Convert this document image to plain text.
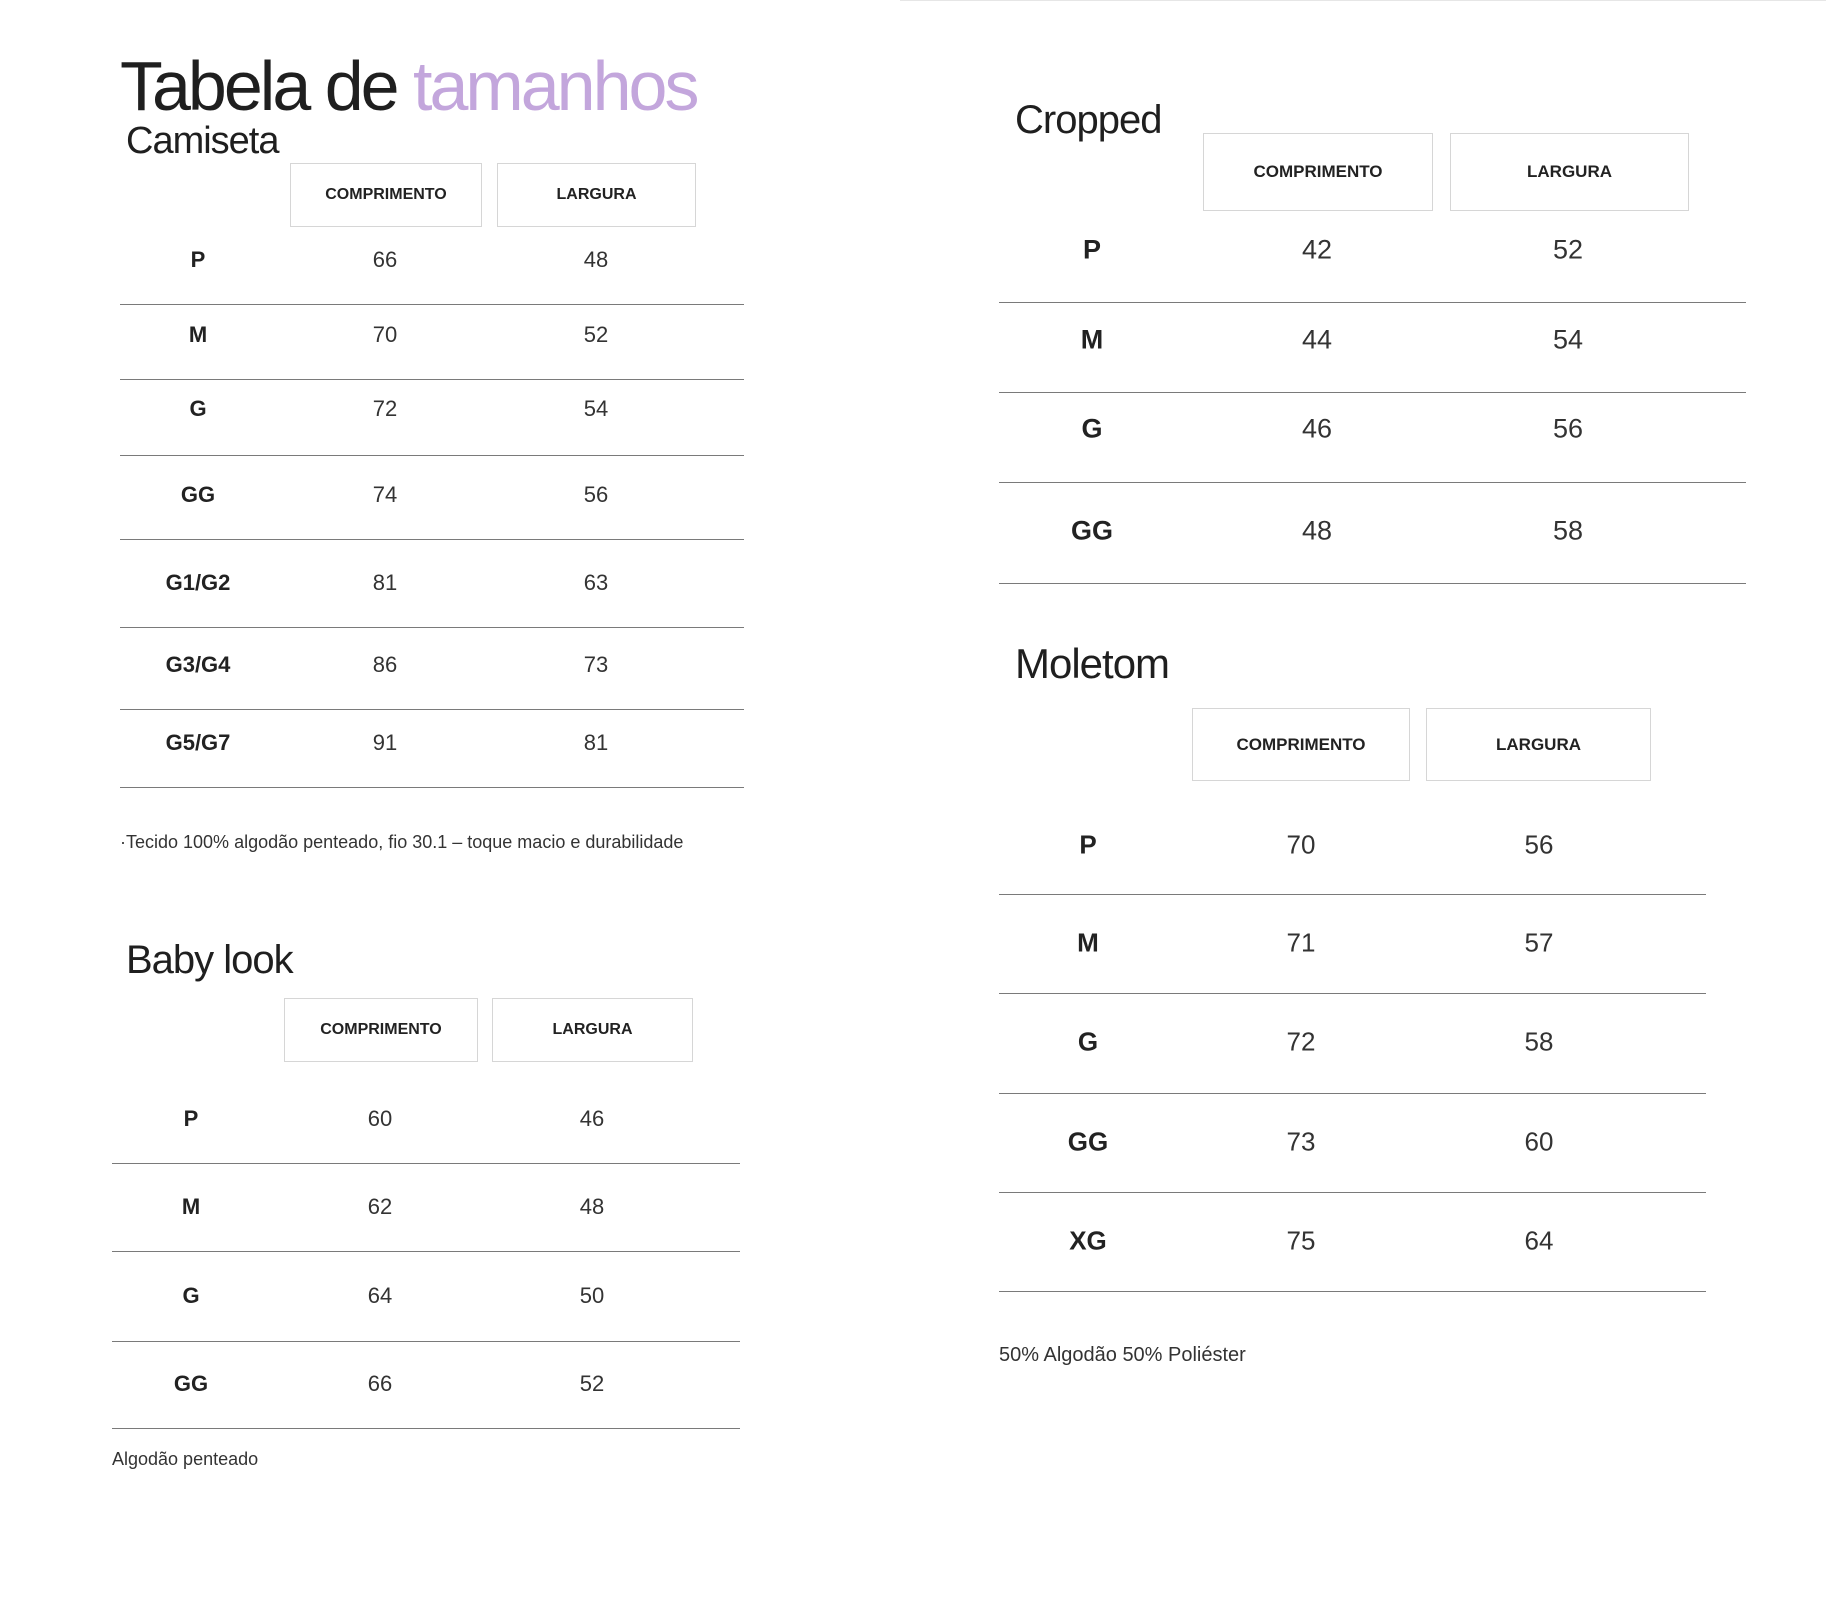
Tabela de tamanhos
Camiseta
Baby look
Cropped
Moletom
COMPRIMENTO	LARGURA
P	66	48
M	70	52
G	72	54
GG	74	56
G1/G2	81	63
G3/G4	86	73
G5/G7	91	81
COMPRIMENTO	LARGURA
P	60	46
M	62	48
G	64	50
GG	66	52
COMPRIMENTO	LARGURA
P	42	52
M	44	54
G	46	56
GG	48	58
COMPRIMENTO	LARGURA
P	70	56
M	71	57
G	72	58
GG	73	60
XG	75	64
·Tecido 100% algodão penteado, fio 30.1 – toque macio e durabilidade
Algodão penteado
50% Algodão 50% Poliéster
